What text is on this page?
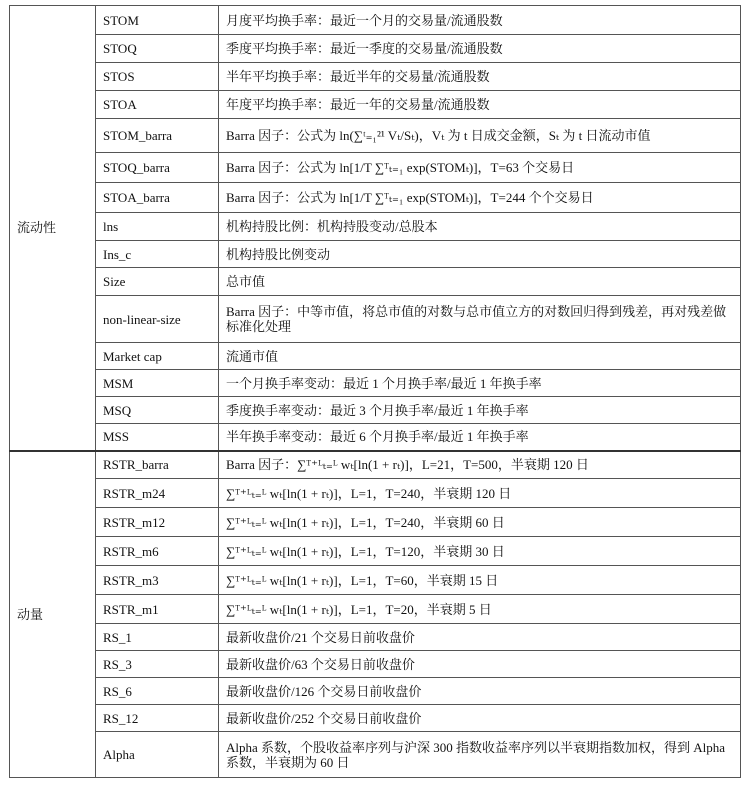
流动性	STOM	月度平均换手率：最近一个月的交易量/流通股数
	STOQ	季度平均换手率：最近一季度的交易量/流通股数
	STOS	半年平均换手率：最近半年的交易量/流通股数
	STOA	年度平均换手率：最近一年的交易量/流通股数
	STOM_barra	Barra 因子：公式为 ln(∑ᵗ₌₁²¹ Vₜ/Sₜ)，Vₜ 为 t 日成交金额，Sₜ 为 t 日流动市值
	STOQ_barra	Barra 因子：公式为 ln[1/T ∑ᵀₜ₌₁ exp(STOMₜ)]，T=63 个交易日
	STOA_barra	Barra 因子：公式为 ln[1/T ∑ᵀₜ₌₁ exp(STOMₜ)]，T=244 个个交易日
	lns	机构持股比例：机构持股变动/总股本
	Ins_c	机构持股比例变动
	Size	总市值
	non-linear-size	Barra 因子：中等市值，将总市值的对数与总市值立方的对数回归得到残差，再对残差做标准化处理
	Market cap	流通市值
	MSM	一个月换手率变动：最近 1 个月换手率/最近 1 年换手率
	MSQ	季度换手率变动：最近 3 个月换手率/最近 1 年换手率
	MSS	半年换手率变动：最近 6 个月换手率/最近 1 年换手率
动量	RSTR_barra	Barra 因子：∑ᵀ⁺ᴸₜ₌ᴸ wₜ[ln(1 + rₜ)]，L=21，T=500，半衰期 120 日
	RSTR_m24	∑ᵀ⁺ᴸₜ₌ᴸ wₜ[ln(1 + rₜ)]，L=1，T=240，半衰期 120 日
	RSTR_m12	∑ᵀ⁺ᴸₜ₌ᴸ wₜ[ln(1 + rₜ)]，L=1，T=240，半衰期 60 日
	RSTR_m6	∑ᵀ⁺ᴸₜ₌ᴸ wₜ[ln(1 + rₜ)]，L=1，T=120，半衰期 30 日
	RSTR_m3	∑ᵀ⁺ᴸₜ₌ᴸ wₜ[ln(1 + rₜ)]，L=1，T=60，半衰期 15 日
	RSTR_m1	∑ᵀ⁺ᴸₜ₌ᴸ wₜ[ln(1 + rₜ)]，L=1，T=20，半衰期 5 日
	RS_1	最新收盘价/21 个交易日前收盘价
	RS_3	最新收盘价/63 个交易日前收盘价
	RS_6	最新收盘价/126 个交易日前收盘价
	RS_12	最新收盘价/252 个交易日前收盘价
	Alpha	Alpha 系数，个股收益率序列与沪深 300 指数收益率序列以半衰期指数加权，得到 Alpha 系数，半衰期为 60 日
